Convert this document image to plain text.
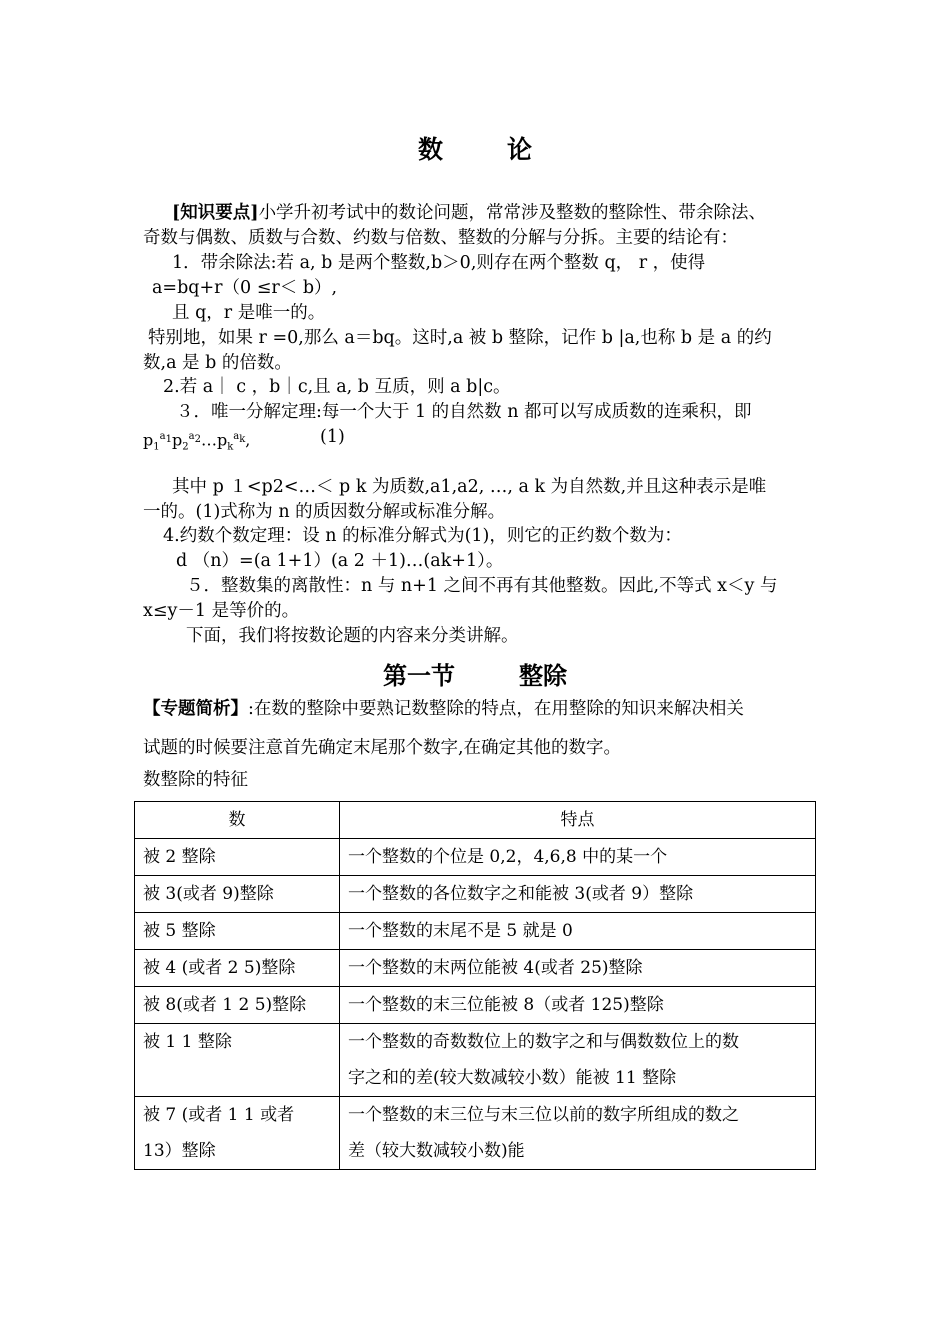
数	论
[知识要点]小学升初考试中的数论问题，常常涉及整数的整除性、带余除法、
奇数与偶数、质数与合数、约数与倍数、整数的分解与分拆。主要的结论有：
1．带余除法:若 a, b 是两个整数,b＞0,则存在两个整数 q， r ，使得
a=bq+r（0 ≤r＜ b）,
且 q，r 是唯一的。
特别地，如果 r =0,那么 a＝bq。这时,a 被 b 整除，记作 b |a,也称 b 是 a 的约
数,a 是 b 的倍数。
2.若 a｜ c ，b｜c,且 a, b 互质，则 a b|c。
３．唯一分解定理:每一个大于 1 的自然数 n 都可以写成质数的连乘积，即
$p_1^{a_1}p_2^{a_2}\dots p_k^{a_k}$,	(1)
其中 p １<p2<…＜ p k 为质数,a1,a2, …, a k 为自然数,并且这种表示是唯
一的。(1)式称为 n 的质因数分解或标准分解。
4.约数个数定理：设 n 的标准分解式为(1)，则它的正约数个数为：
d （n）=(a 1+1）(a 2 ＋1)…(ak+1）。
５．整数集的离散性：n 与 n+1 之间不再有其他整数。因此,不等式 x＜y 与
x≤y－1 是等价的。
下面，我们将按数论题的内容来分类讲解。
第一节	整除
【专题简析】:在数的整除中要熟记数整除的特点，在用整除的知识来解决相关
试题的时候要注意首先确定末尾那个数字,在确定其他的数字。
数整除的特征
数	特点

被 2 整除	一个整数的个位是 0,2，4,6,8 中的某一个

被 3(或者 9)整除	一个整数的各位数字之和能被 3(或者 9）整除

被 5 整除	一个整数的末尾不是 5 就是 0

被 4 (或者 2 5)整除	一个整数的末两位能被 4(或者 25)整除

被 8(或者 1 2 5)整除	一个整数的末三位能被 8（或者 125)整除

被 1 1 整除	一个整数的奇数数位上的数字之和与偶数数位上的数
字之和的差(较大数减较小数）能被 11 整除

被 7 (或者 1 1 或者
13）整除	一个整数的末三位与末三位以前的数字所组成的数之
差（较大数减较小数)能
